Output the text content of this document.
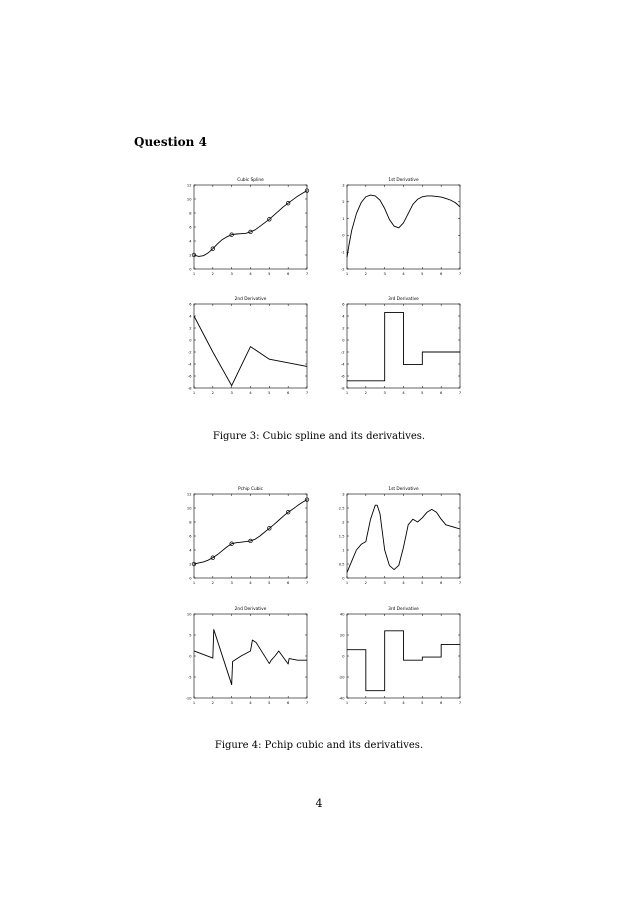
Question 4
Cubic Spline
1	2	3	4	5	6	7
0
2
4
6
8
10
12
1st Derivative
1	2	3	4	5	6	7
-2
-1
0
1
2
3
2nd Derivative
1	2	3	4	5	6	7
-8
-6
-4
-2
0
2
4
6
3rd Derivative
1	2	3	4	5	6	7
-8
-6
-4
-2
0
2
4
6
Figure 3: Cubic spline and its derivatives.
Pchip Cubic
1	2	3	4	5	6	7
0
2
4
6
8
10
12
1st Derivative
1	2	3	4	5	6	7
0
0.5
1
1.5
2
2.5
3
2nd Derivative
1	2	3	4	5	6	7
-10
-5
0
5
10
3rd Derivative
1	2	3	4	5	6	7
-40
-20
0
20
40
Figure 4: Pchip cubic and its derivatives.
4
